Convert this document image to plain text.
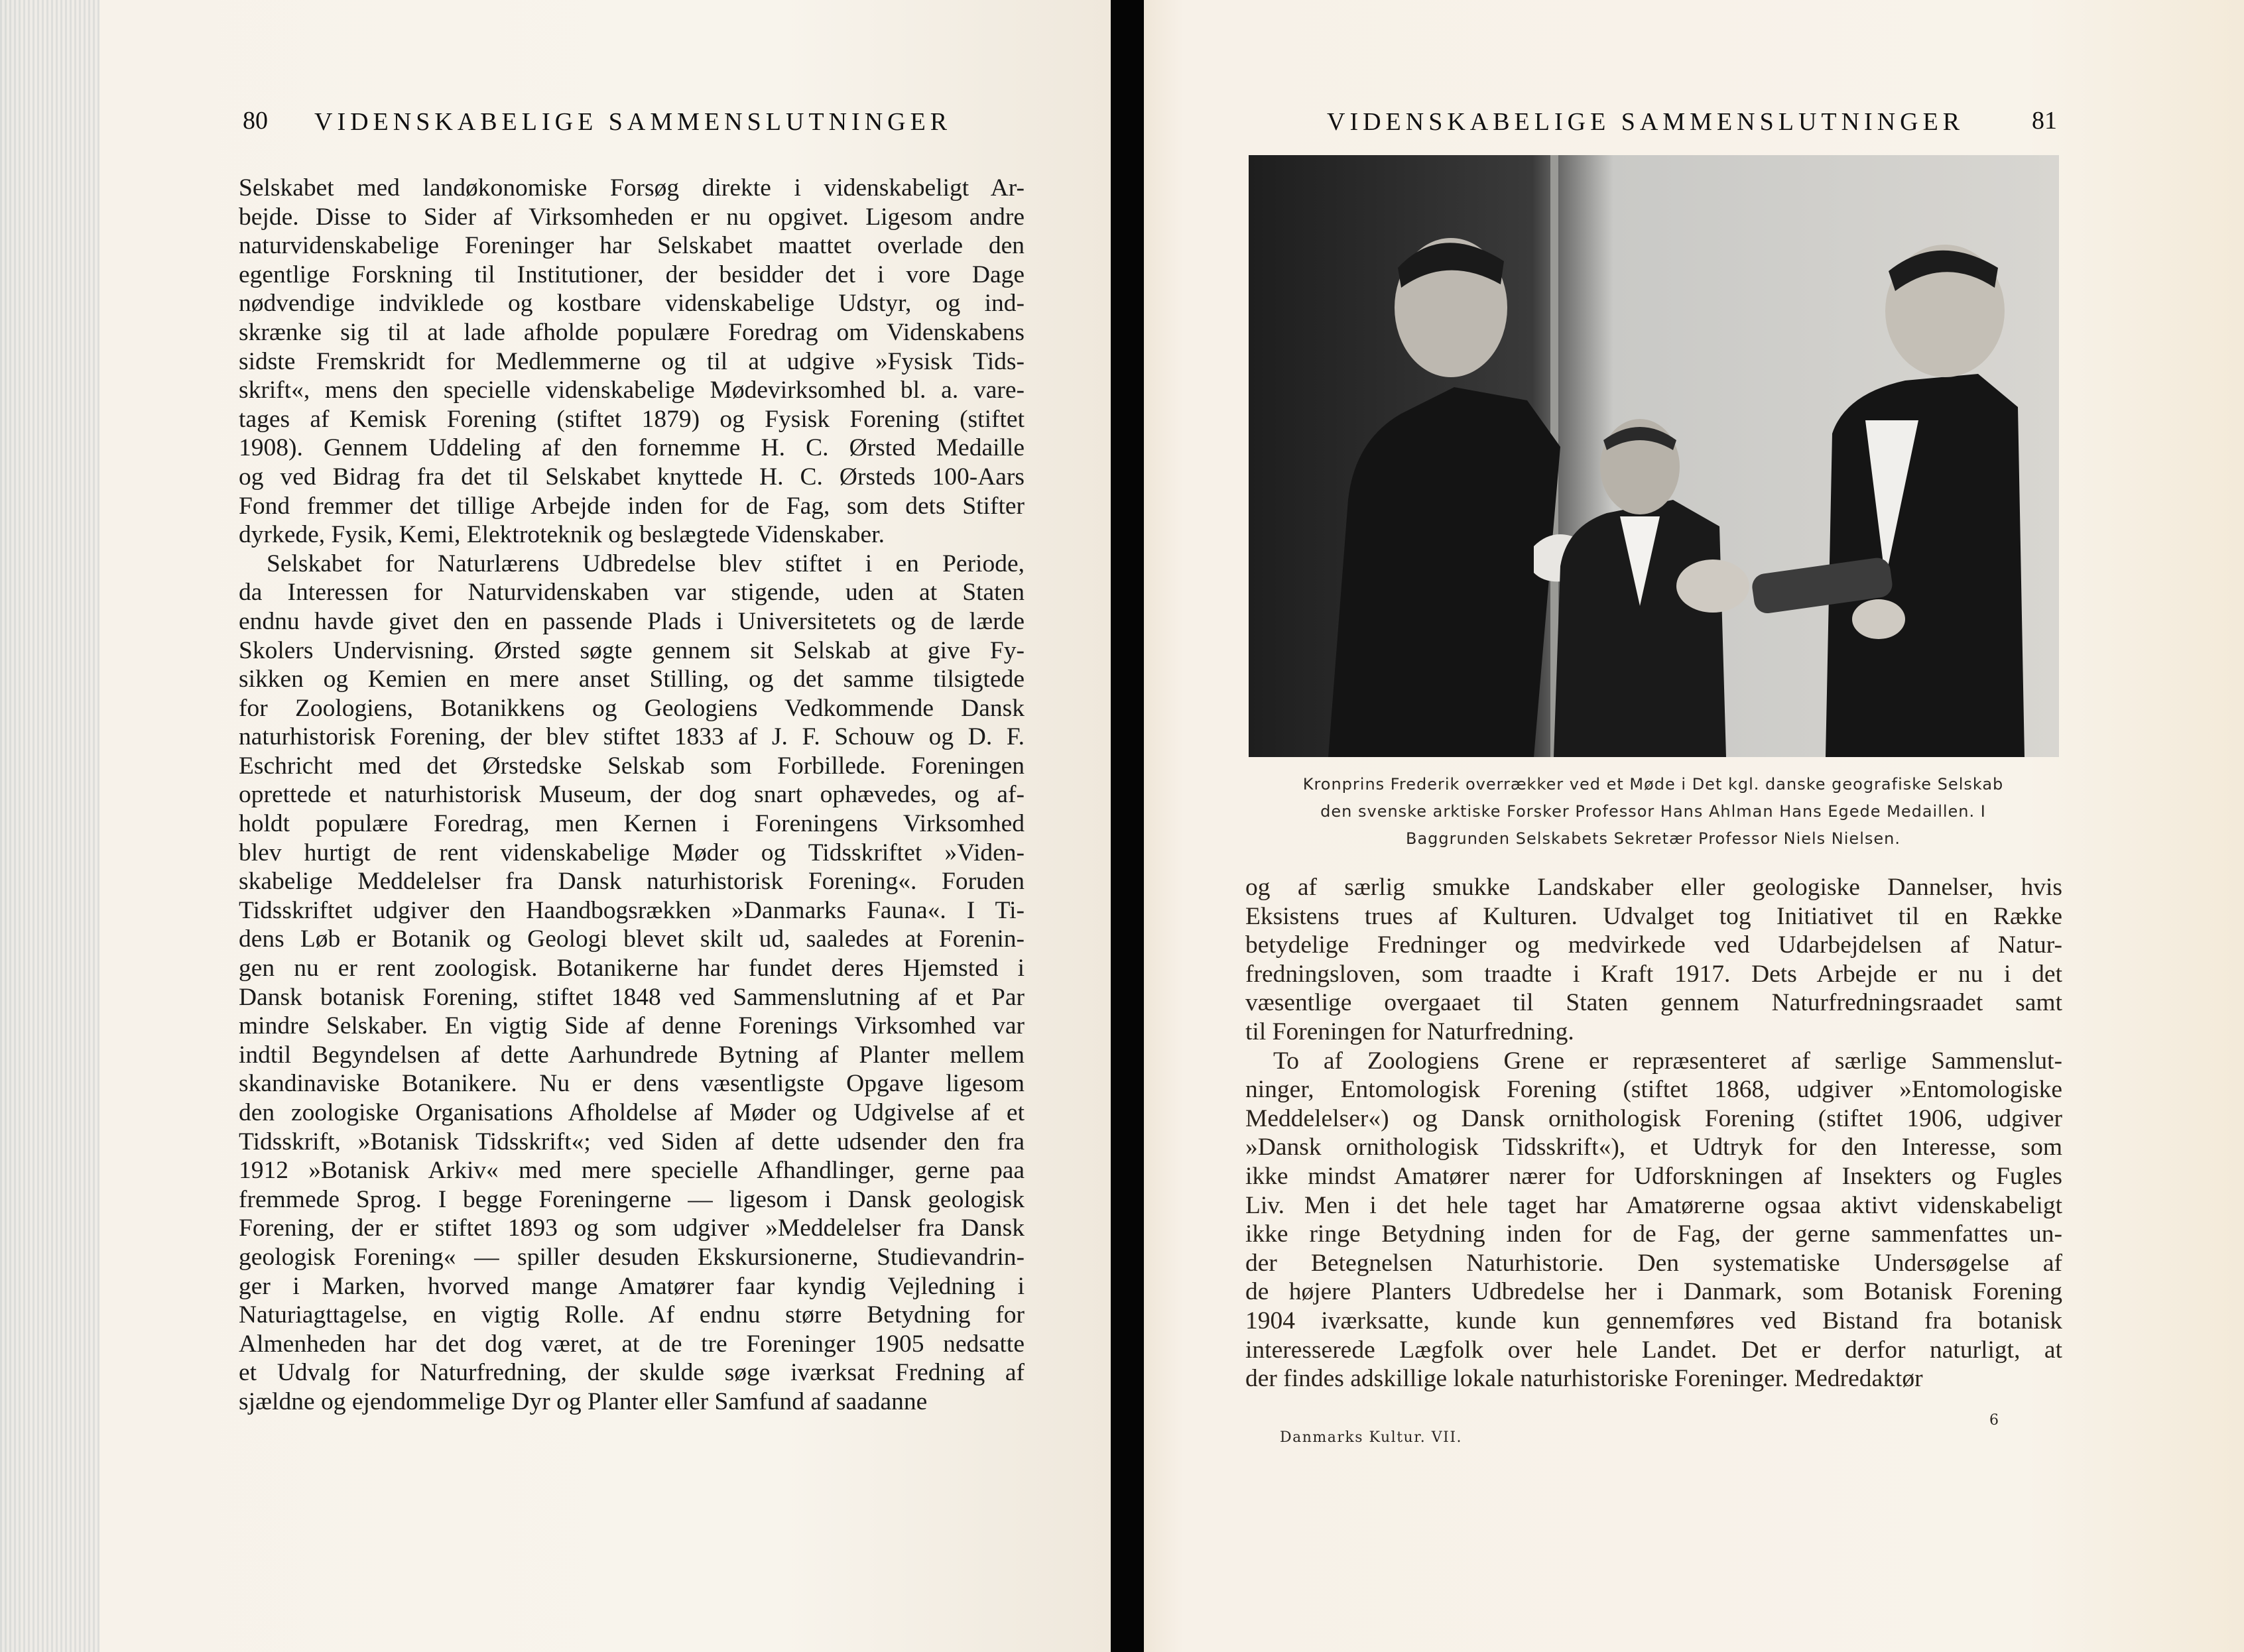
80 VIDENSKABELIGE SAMMENSLUTNINGER
Selskabet med landøkonomiske Forsøg direkte i videnskabeligt Ar-
bejde. Disse to Sider af Virksomheden er nu opgivet. Ligesom andre
naturvidenskabelige Foreninger har Selskabet maattet overlade den
egentlige Forskning til Institutioner, der besidder det i vore Dage
nødvendige indviklede og kostbare videnskabelige Udstyr, og ind-
skrænke sig til at lade afholde populære Foredrag om Videnskabens
sidste Fremskridt for Medlemmerne og til at udgive »Fysisk Tids-
skrift«, mens den specielle videnskabelige Mødevirksomhed bl. a. vare-
tages af Kemisk Forening (stiftet 1879) og Fysisk Forening (stiftet
1908). Gennem Uddeling af den fornemme H. C. Ørsted Medaille
og ved Bidrag fra det til Selskabet knyttede H. C. Ørsteds 100-Aars
Fond fremmer det tillige Arbejde inden for de Fag, som dets Stifter
dyrkede, Fysik, Kemi, Elektroteknik og beslægtede Videnskaber.
Selskabet for Naturlærens Udbredelse blev stiftet i en Periode,
da Interessen for Naturvidenskaben var stigende, uden at Staten
endnu havde givet den en passende Plads i Universitetets og de lærde
Skolers Undervisning. Ørsted søgte gennem sit Selskab at give Fy-
sikken og Kemien en mere anset Stilling, og det samme tilsigtede
for Zoologiens, Botanikkens og Geologiens Vedkommende Dansk
naturhistorisk Forening, der blev stiftet 1833 af J. F. Schouw og D. F.
Eschricht med det Ørstedske Selskab som Forbillede. Foreningen
oprettede et naturhistorisk Museum, der dog snart ophævedes, og af-
holdt populære Foredrag, men Kernen i Foreningens Virksomhed
blev hurtigt de rent videnskabelige Møder og Tidsskriftet »Viden-
skabelige Meddelelser fra Dansk naturhistorisk Forening«. Foruden
Tidsskriftet udgiver den Haandbogsrækken »Danmarks Fauna«. I Ti-
dens Løb er Botanik og Geologi blevet skilt ud, saaledes at Forenin-
gen nu er rent zoologisk. Botanikerne har fundet deres Hjemsted i
Dansk botanisk Forening, stiftet 1848 ved Sammenslutning af et Par
mindre Selskaber. En vigtig Side af denne Forenings Virksomhed var
indtil Begyndelsen af dette Aarhundrede Bytning af Planter mellem
skandinaviske Botanikere. Nu er dens væsentligste Opgave ligesom
den zoologiske Organisations Afholdelse af Møder og Udgivelse af et
Tidsskrift, »Botanisk Tidsskrift«; ved Siden af dette udsender den fra
1912 »Botanisk Arkiv« med mere specielle Afhandlinger, gerne paa
fremmede Sprog. I begge Foreningerne — ligesom i Dansk geologisk
Forening, der er stiftet 1893 og som udgiver »Meddelelser fra Dansk
geologisk Forening« — spiller desuden Ekskursionerne, Studievandrin-
ger i Marken, hvorved mange Amatører faar kyndig Vejledning i
Naturiagttagelse, en vigtig Rolle. Af endnu større Betydning for
Almenheden har det dog været, at de tre Foreninger 1905 nedsatte
et Udvalg for Naturfredning, der skulde søge iværksat Fredning af
sjældne og ejendommelige Dyr og Planter eller Samfund af saadanne
VIDENSKABELIGE SAMMENSLUTNINGER	81
Kronprins Frederik overrækker ved et Møde i Det kgl. danske geografiske Selskab
den svenske arktiske Forsker Professor Hans Ahlman Hans Egede Medaillen. I
Baggrunden Selskabets Sekretær Professor Niels Nielsen.
og af særlig smukke Landskaber eller geologiske Dannelser, hvis
Eksistens trues af Kulturen. Udvalget tog Initiativet til en Række
betydelige Fredninger og medvirkede ved Udarbejdelsen af Natur-
fredningsloven, som traadte i Kraft 1917. Dets Arbejde er nu i det
væsentlige overgaaet til Staten gennem Naturfredningsraadet samt
til Foreningen for Naturfredning.
To af Zoologiens Grene er repræsenteret af særlige Sammenslut-
ninger, Entomologisk Forening (stiftet 1868, udgiver »Entomologiske
Meddelelser«) og Dansk ornithologisk Forening (stiftet 1906, udgiver
»Dansk ornithologisk Tidsskrift«), et Udtryk for den Interesse, som
ikke mindst Amatører nærer for Udforskningen af Insekters og Fugles
Liv. Men i det hele taget har Amatørerne ogsaa aktivt videnskabeligt
ikke ringe Betydning inden for de Fag, der gerne sammenfattes un-
der Betegnelsen Naturhistorie. Den systematiske Undersøgelse af
de højere Planters Udbredelse her i Danmark, som Botanisk Forening
1904 iværksatte, kunde kun gennemføres ved Bistand fra botanisk
interesserede Lægfolk over hele Landet. Det er derfor naturligt, at
der findes adskillige lokale naturhistoriske Foreninger. Medredaktør
Danmarks Kultur. VII.
6
